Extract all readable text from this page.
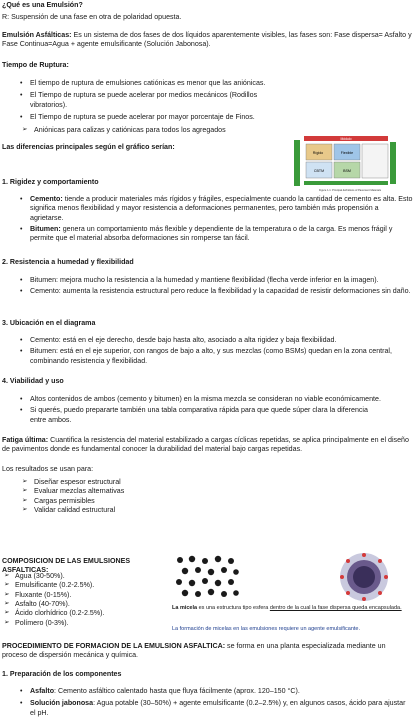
¿Qué es una Emulsión?
R: Suspensión de una fase en otra de polaridad opuesta.
Emulsión Asfálticas: Es un sistema de dos fases de dos líquidos aparentemente visibles, las fases son: Fase dispersa= Asfalto y Fase Continua=Agua + agente emulsificante (Solución Jabonosa).
Tiempo de Ruptura:
• El tiempo de ruptura de emulsiones catiónicas es menor que las aniónicas.
• El Tiempo de ruptura se puede acelerar por medios mecánicos (Rodillos vibratorios).
• El Tiempo de ruptura se puede acelerar por mayor porcentaje de Finos.
➢ Aniónicas para calizas y catiónicas para todos los agregados
Las diferencias principales según el gráfico serían:
Rígido	Flexible
CBTM	BSM
Módulo
Figure 1.1: Principal definitions of Pavement Materials
1. Rigidez y comportamiento
• Cemento: tiende a producir materiales más rígidos y frágiles, especialmente cuando la cantidad de cemento es alta. Esto significa menos flexibilidad y mayor resistencia a deformaciones permanentes, pero también más propensión a agrietarse.
• Bitumen: genera un comportamiento más flexible y dependiente de la temperatura o de la carga. Es menos frágil y permite que el material absorba deformaciones sin romperse tan fácil.
2. Resistencia a humedad y flexibilidad
• Bitumen: mejora mucho la resistencia a la humedad y mantiene flexibilidad (flecha verde inferior en la imagen).
• Cemento: aumenta la resistencia estructural pero reduce la flexibilidad y la capacidad de resistir deformaciones sin daño.
3. Ubicación en el diagrama
• Cemento: está en el eje derecho, desde bajo hasta alto, asociado a alta rigidez y baja flexibilidad.
• Bitumen: está en el eje superior, con rangos de bajo a alto, y sus mezclas (como BSMs) quedan en la zona central, combinando resistencia y flexibilidad.
4. Viabilidad y uso
• Altos contenidos de ambos (cemento y bitumen) en la misma mezcla se consideran no viable económicamente.
• Si querés, puedo prepararte también una tabla comparativa rápida para que quede súper clara la diferencia entre ambos.
Fatiga última: Cuantifica la resistencia del material estabilizado a cargas cíclicas repetidas, se aplica principalmente en el diseño de pavimentos donde es fundamental conocer la durabilidad del material bajo cargas repetidas.
Los resultados se usan para:
➢ Diseñar espesor estructural
➢ Evaluar mezclas alternativas
➢ Cargas permisibles
➢ Validar calidad estructural
COMPOSICION DE LAS EMULSIONES ASFALTICAS:
➢ Agua (30-50%).
➢ Emulsificante (0.2-2.5%).
➢ Fluxante (0-15%).
➢ Asfalto (40-70%).
➢ Ácido clorhídrico (0.2-2.5%).
➢ Polímero (0-3%).
La micela es una estructura tipo esfera dentro de la cual la fase dispersa queda encapsulada.
La formación de micelas en las emulsiones requiere un agente emulsificante.
PROCEDIMIENTO DE FORMACION DE LA EMULSION ASFALTICA: se forma en una planta especializada mediante un proceso de dispersión mecánica y química.
1. Preparación de los componentes
• Asfalto: Cemento asfáltico calentado hasta que fluya fácilmente (aprox. 120–150 °C).
• Solución jabonosa: Agua potable (30–50%) + agente emulsificante (0.2–2.5%) y, en algunos casos, ácido para ajustar el pH.
